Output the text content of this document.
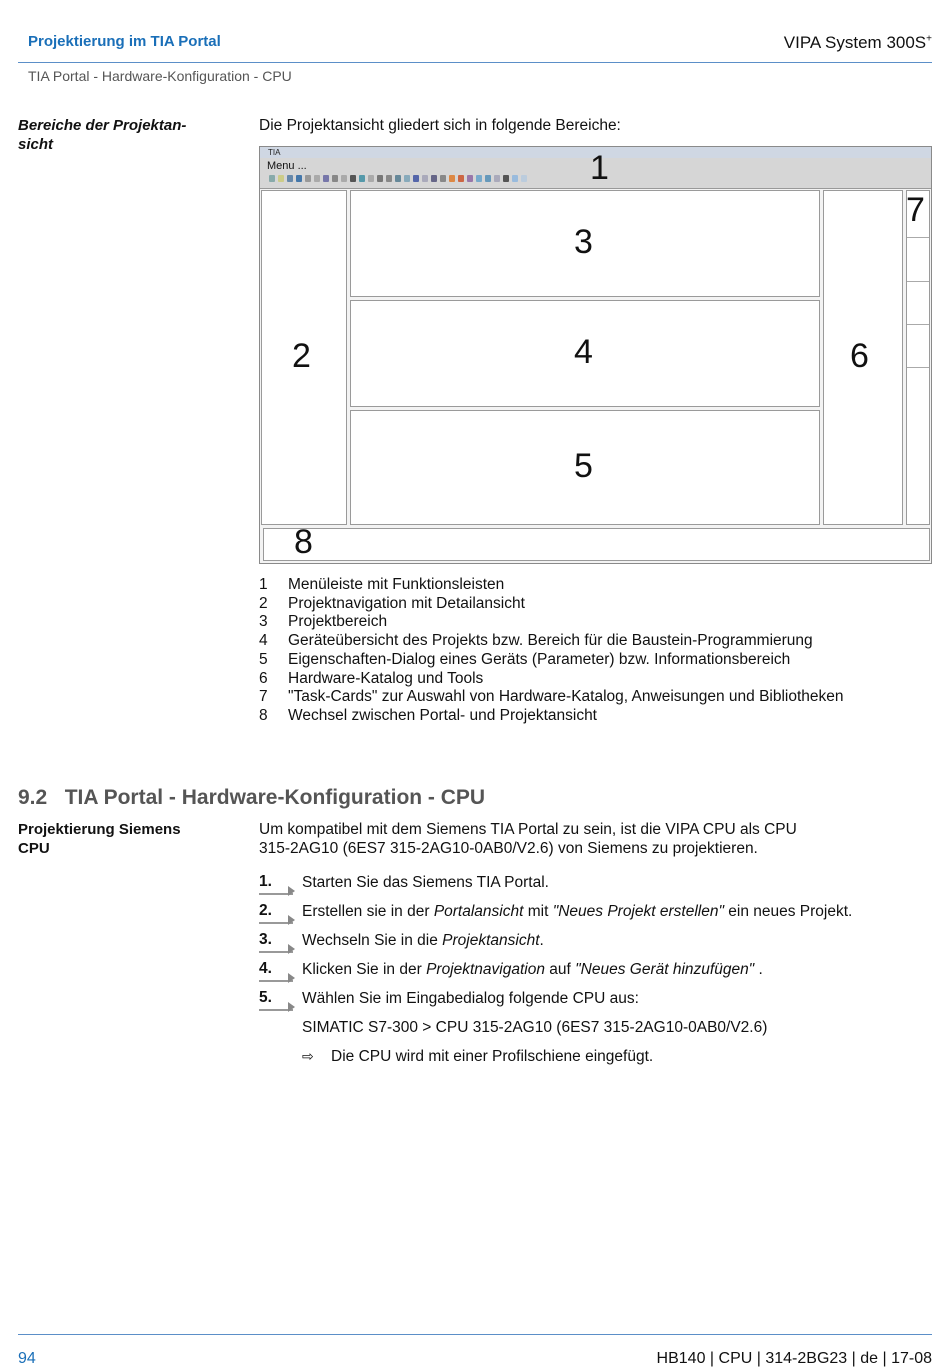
Projektierung im TIA Portal	VIPA System 300S+
TIA Portal - Hardware-Konfiguration - CPU
Bereiche der Projektan-
sicht
Die Projektansicht gliedert sich in folgende Bereiche:
TIA
Menu ...	1
2
3
4
5
6
7
8
1	Menüleiste mit Funktionsleisten
2	Projektnavigation mit Detailansicht
3	Projektbereich
4	Geräteübersicht des Projekts bzw. Bereich für die Baustein-Programmierung
5	Eigenschaften-Dialog eines Geräts (Parameter) bzw. Informationsbereich
6	Hardware-Katalog und Tools
7	"Task-Cards" zur Auswahl von Hardware-Katalog, Anweisungen und Bibliotheken
8	Wechsel zwischen Portal- und Projektansicht
9.2   TIA Portal - Hardware-Konfiguration - CPU
Projektierung Siemens
CPU
Um kompatibel mit dem Siemens TIA Portal zu sein, ist die VIPA CPU als CPU
315-2AG10 (6ES7 315-2AG10-0AB0/V2.6) von Siemens zu projektieren.
1. Starten Sie das Siemens TIA Portal.
2. Erstellen sie in der Portalansicht mit "Neues Projekt erstellen" ein neues Projekt.
3. Wechseln Sie in die Projektansicht.
4. Klicken Sie in der Projektnavigation auf "Neues Gerät hinzufügen" .
5. Wählen Sie im Eingabedialog folgende CPU aus:
SIMATIC S7-300 > CPU 315-2AG10 (6ES7 315-2AG10-0AB0/V2.6)
⇨	Die CPU wird mit einer Profilschiene eingefügt.
94	HB140 | CPU | 314-2BG23 | de | 17-08
